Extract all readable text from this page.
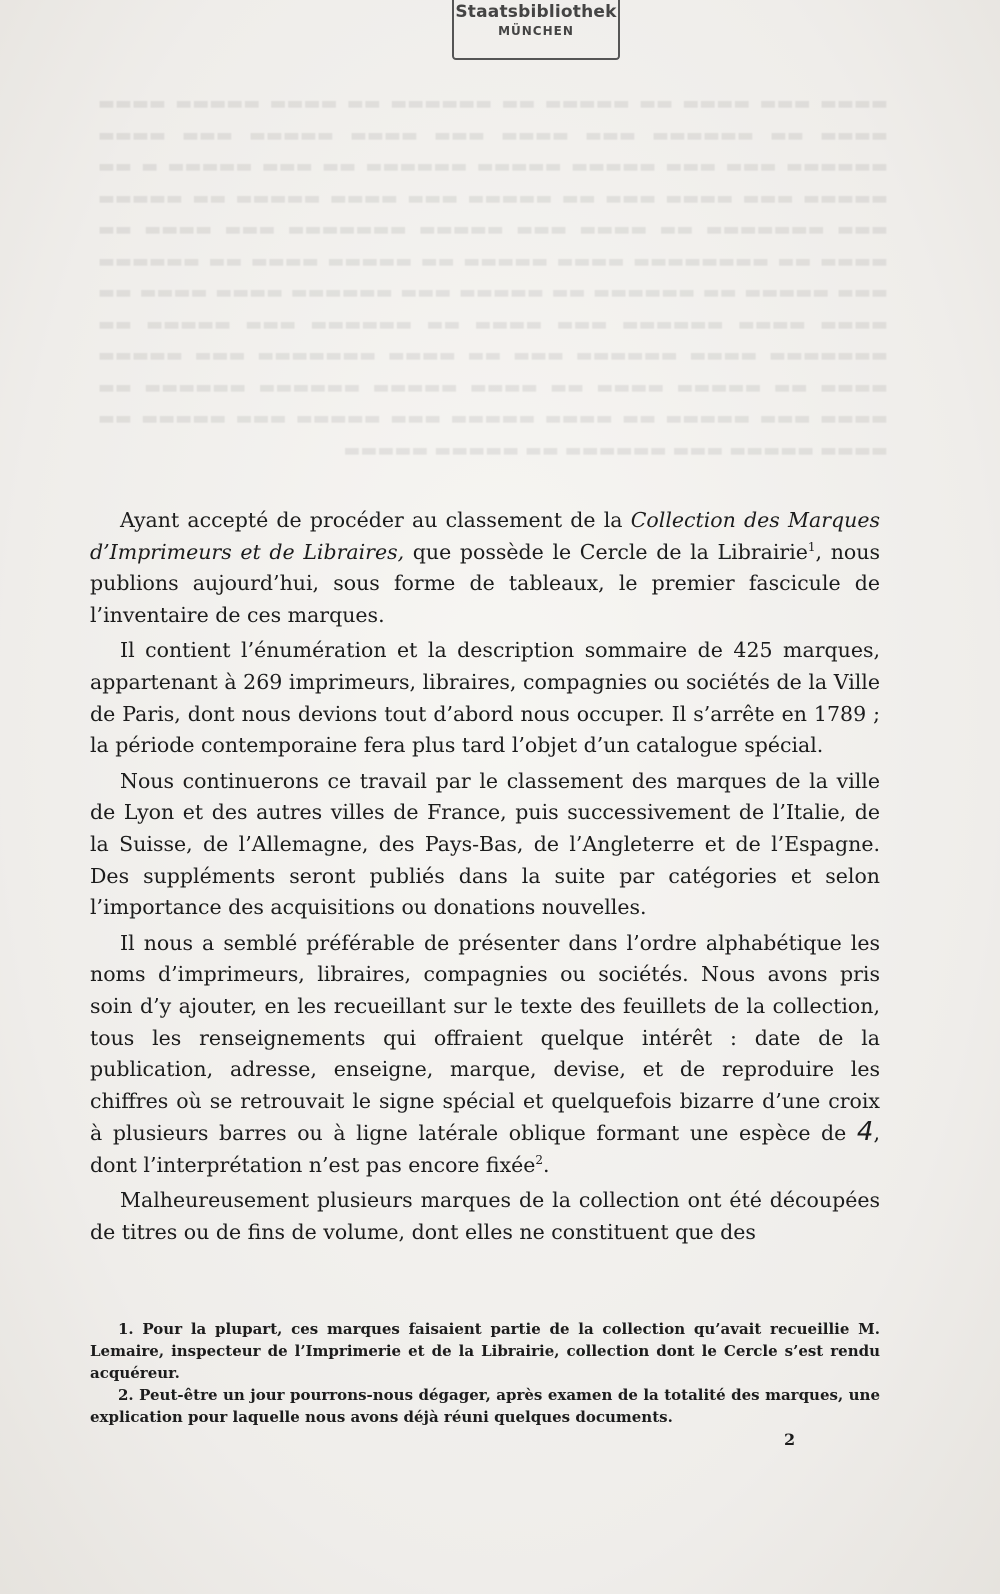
Staatsbibliothek
MÜNCHEN
▬▬▬▬ ▬▬▬ ▬▬▬▬ ▬▬ ▬▬▬▬▬ ▬▬ ▬▬▬▬▬▬ ▬▬ ▬▬▬▬ ▬▬▬▬▬ ▬▬▬▬ ▬▬▬▬ ▬▬ ▬▬▬▬▬▬ ▬▬▬ ▬▬▬▬ ▬▬▬ ▬▬▬▬ ▬▬▬▬▬ ▬▬▬ ▬▬▬▬ ▬▬▬▬▬▬ ▬▬▬ ▬▬▬ ▬▬▬▬▬ ▬▬▬▬▬ ▬▬▬▬▬▬ ▬▬ ▬▬▬ ▬▬▬▬▬ ▬ ▬▬ ▬▬▬▬▬ ▬▬▬ ▬▬▬▬ ▬▬▬ ▬▬ ▬▬▬▬▬ ▬▬▬ ▬▬▬▬ ▬▬▬▬▬ ▬▬ ▬▬▬▬▬ ▬▬▬ ▬▬▬▬▬▬▬ ▬▬ ▬▬▬▬ ▬▬▬ ▬▬▬▬▬ ▬▬▬▬▬▬▬ ▬▬▬ ▬▬▬▬ ▬▬ ▬▬▬▬ ▬▬ ▬▬▬▬▬▬▬▬ ▬▬▬▬ ▬▬▬▬▬ ▬▬ ▬▬▬▬▬ ▬▬▬▬ ▬▬ ▬▬▬▬▬▬ ▬▬▬ ▬▬▬▬▬ ▬▬ ▬▬▬▬▬▬ ▬▬ ▬▬▬▬▬ ▬▬▬ ▬▬▬▬▬▬ ▬▬▬▬ ▬▬▬▬ ▬▬ ▬▬▬▬ ▬▬▬▬ ▬▬▬▬▬▬ ▬▬▬ ▬▬▬▬ ▬▬ ▬▬▬▬▬▬ ▬▬▬ ▬▬▬▬▬ ▬▬ ▬▬▬▬▬▬▬ ▬▬▬▬ ▬▬▬▬▬▬ ▬▬▬ ▬▬ ▬▬▬▬ ▬▬▬▬▬▬▬ ▬▬▬ ▬▬▬▬▬ ▬▬▬▬ ▬▬ ▬▬▬▬▬ ▬▬▬▬ ▬▬ ▬▬▬▬ ▬▬▬▬▬ ▬▬▬▬▬▬ ▬▬▬▬▬▬ ▬▬ ▬▬▬▬ ▬▬▬ ▬▬▬▬▬ ▬▬ ▬▬▬▬ ▬▬▬▬▬ ▬▬▬ ▬▬▬▬▬ ▬▬▬ ▬▬▬▬▬ ▬▬ ▬▬▬▬ ▬▬▬▬▬ ▬▬▬ ▬▬▬▬▬▬ ▬▬ ▬▬▬▬▬ ▬▬▬▬▬

Ayant accepté de procéder au classement de la Collection des Marques d’Imprimeurs et de Libraires, que possède le Cercle de la Librairie$^1$, nous publions aujourd’hui, sous forme de tableaux, le premier fascicule de l’inventaire de ces marques.

Il contient l’énumération et la description sommaire de 425 marques, appartenant à 269 imprimeurs, libraires, compagnies ou sociétés de la Ville de Paris, dont nous devions tout d’abord nous occuper. Il s’arrête en 1789 ; la période contemporaine fera plus tard l’objet d’un catalogue spécial.

Nous continuerons ce travail par le classement des marques de la ville de Lyon et des autres villes de France, puis successivement de l’Italie, de la Suisse, de l’Allemagne, des Pays-Bas, de l’Angleterre et de l’Espagne. Des suppléments seront publiés dans la suite par catégories et selon l’importance des acquisitions ou donations nouvelles.

Il nous a semblé préférable de présenter dans l’ordre alphabétique les noms d’imprimeurs, libraires, compagnies ou sociétés. Nous avons pris soin d’y ajouter, en les recueillant sur le texte des feuillets de la collection, tous les renseignements qui offraient quelque intérêt : date de la publication, adresse, enseigne, marque, devise, et de reproduire les chiffres où se retrouvait le signe spécial et quelquefois bizarre d’une croix à plusieurs barres ou à ligne latérale oblique formant une espèce de 4, dont l’interprétation n’est pas encore fixée$^2$.

Malheureusement plusieurs marques de la collection ont été découpées de titres ou de fins de volume, dont elles ne constituent que des

1. Pour la plupart, ces marques faisaient partie de la collection qu’avait recueillie M. Lemaire, inspecteur de l’Imprimerie et de la Librairie, collection dont le Cercle s’est rendu acquéreur.

2. Peut-être un jour pourrons-nous dégager, après examen de la totalité des marques, une explication pour laquelle nous avons déjà réuni quelques documents.

2
